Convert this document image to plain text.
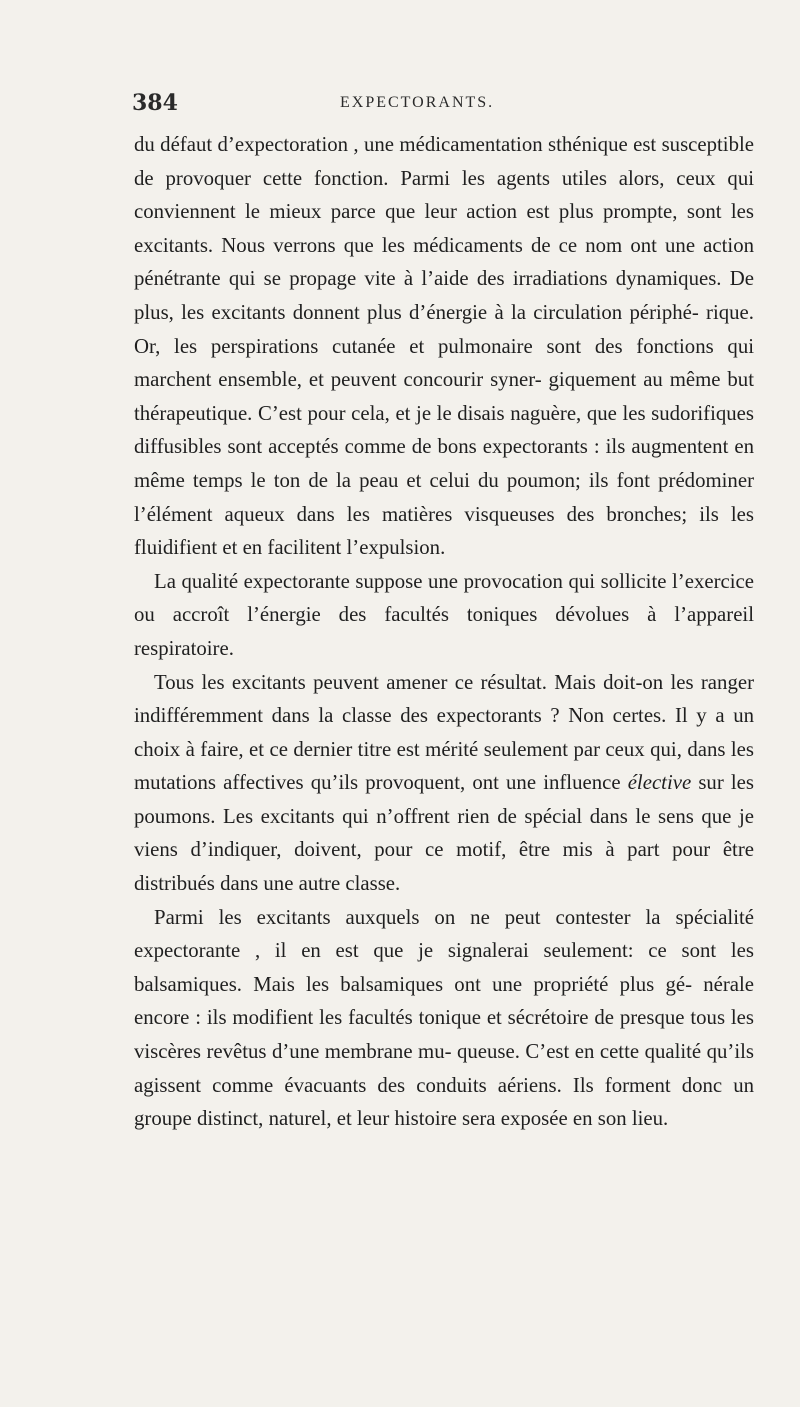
384	EXPECTORANTS.

du défaut d’expectoration , une médicamentation sthénique est susceptible de provoquer cette fonction. Parmi les agents utiles alors, ceux qui conviennent le mieux parce que leur action est plus prompte, sont les excitants. Nous verrons que les médicaments de ce nom ont une action pénétrante qui se propage vite à l’aide des irradiations dynamiques. De plus, les excitants donnent plus d’énergie à la circulation périphé- rique. Or, les perspirations cutanée et pulmonaire sont des fonctions qui marchent ensemble, et peuvent concourir syner- giquement au même but thérapeutique. C’est pour cela, et je le disais naguère, que les sudorifiques diffusibles sont acceptés comme de bons expectorants : ils augmentent en même temps le ton de la peau et celui du poumon; ils font prédominer l’élément aqueux dans les matières visqueuses des bronches; ils les fluidifient et en facilitent l’expulsion.

La qualité expectorante suppose une provocation qui sollicite l’exercice ou accroît l’énergie des facultés toniques dévolues à l’appareil respiratoire.

Tous les excitants peuvent amener ce résultat. Mais doit-on les ranger indifféremment dans la classe des expectorants ? Non certes. Il y a un choix à faire, et ce dernier titre est mérité seulement par ceux qui, dans les mutations affectives qu’ils provoquent, ont une influence élective sur les poumons. Les excitants qui n’offrent rien de spécial dans le sens que je viens d’indiquer, doivent, pour ce motif, être mis à part pour être distribués dans une autre classe.

Parmi les excitants auxquels on ne peut contester la spécialité expectorante , il en est que je signalerai seulement: ce sont les balsamiques. Mais les balsamiques ont une propriété plus gé- nérale encore : ils modifient les facultés tonique et sécrétoire de presque tous les viscères revêtus d’une membrane mu- queuse. C’est en cette qualité qu’ils agissent comme évacuants des conduits aériens. Ils forment donc un groupe distinct, naturel, et leur histoire sera exposée en son lieu.
